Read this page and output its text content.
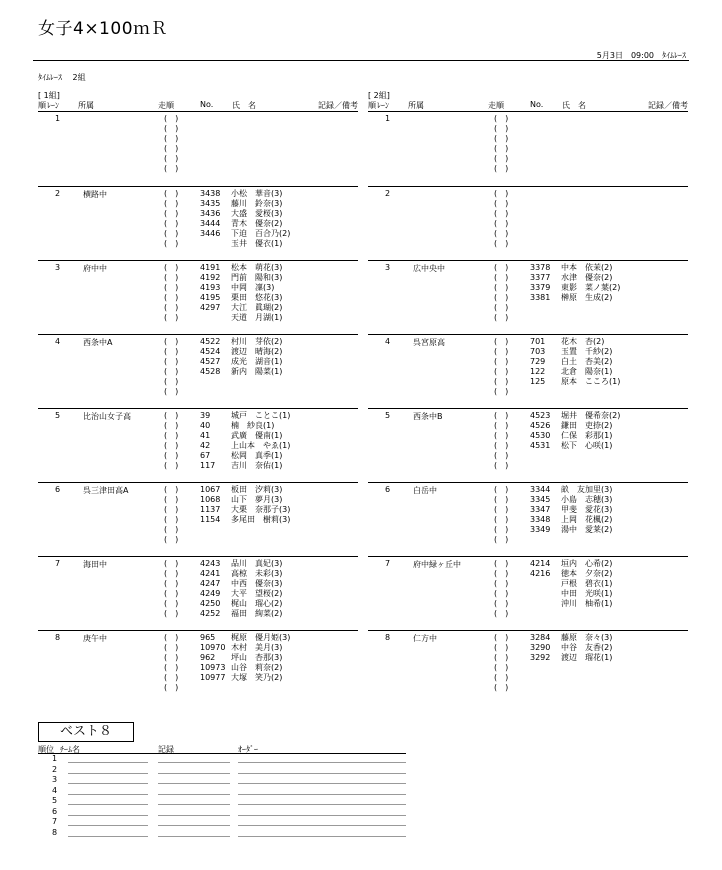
女子4×100ｍＲ
5月3日　09:00　ﾀｲﾑﾚｰｽ
ﾀｲﾑﾚｰｽ　 2組
[ 1組]
順 ﾚｰﾝ 所属	走順	No. 氏　名	記録／備考
1	(　)
(　)
(　)
(　)
(　)
(　)
2	横路中	(　)	3438 小松　華音(3)
(　)	3435 藤川　鈴奈(3)
(　)	3436 大盛　愛桜(3)
(　)	3444 青木　優奈(2)
(　)	3446 下迫　百合乃(2)
(　)	玉井　優衣(1)
3	府中中	(　)	4191 松本　萌花(3)
(　)	4192 門前　陽和(3)
(　)	4193 中岡　凜(3)
(　)	4195 栗田　悠花(3)
(　)	4297 大江　眞瑚(2)
(　)	天道　月湖(1)
4	西条中A	(　)	4522 村川　芽依(2)
(　)	4524 渡辺　晴海(2)
(　)	4527 成光　湖音(1)
(　)	4528 新内　陽菜(1)
(　)
(　)
5	比治山女子高	(　)	39	城戸　ことこ(1)
(　)	40	楠　紗良(1)
(　)	41	武廣　優南(1)
(　)	42	上山本　やゑ(1)
(　)	67	松岡　真季(1)
(　)	117 吉川　奈佑(1)
6	呉三津田高A	(　)	1067 板田　汐莉(3)
(　)	1068 山下　夢月(3)
(　)	1137 大栗　奈那子(3)
(　)	1154 多尾田　樹莉(3)
(　)
(　)
7	海田中	(　)	4243 品川　真妃(3)
(　)	4241 高椋　未彩(3)
(　)	4247 中西　優奈(3)
(　)	4249 大平　望桜(2)
(　)	4250 梶山　瑠心(2)
(　)	4252 福田　絢菜(2)
8	庚午中	(　)	965 梶原　優月姫(3)
(　)	10970 木村　美月(3)
(　)	962 坪山　杏那(3)
(　)	10973 山谷　莉奈(2)
(　)	10977 大塚　笑乃(2)
(　)
[ 2組]
順 ﾚｰﾝ 所属	走順	No. 氏　名	記録／備考
1	(　)
(　)
(　)
(　)
(　)
(　)
2	(　)
(　)
(　)
(　)
(　)
(　)
3	広中央中	(　)	3378 中本　依茉(2)
(　)	3377 水津　優奈(2)
(　)	3379 東影　菜ノ葉(2)
(　)	3381 榊原　生成(2)
(　)
(　)
4	呉宮原高	(　)	701 花木　杏(2)
(　)	703 玉置　千紗(2)
(　)	729 白土　杏美(2)
(　)	122 北倉　陽奈(1)
(　)	125 原本　こころ(1)
(　)
5	西条中B	(　)	4523 堀井　優希奈(2)
(　)	4526 鎌田　吏捺(2)
(　)	4530 仁保　彩那(1)
(　)	4531 松下　心咲(1)
(　)
(　)
6	白岳中	(　)	3344 畝　友加里(3)
(　)	3345 小島　志穂(3)
(　)	3347 甲斐　愛花(3)
(　)	3348 上岡　花楓(2)
(　)	3349 湯中　愛莱(2)
(　)
7	府中緑ヶ丘中	(　)	4214 垣内　心希(2)
(　)	4216 徳本　夕奈(2)
(　)	戸根　碧衣(1)
(　)	中田　光咲(1)
(　)	沖川　柚希(1)
(　)
8	仁方中	(　)	3284 藤原　奈々(3)
(　)	3290 中谷　友香(2)
(　)	3292 渡辺　瑠花(1)
(　)
(　)
(　)
ベスト８
順位 ﾁｰﾑ名	記録	ｵｰﾀﾞｰ
1
2
3
4
5
6
7
8
